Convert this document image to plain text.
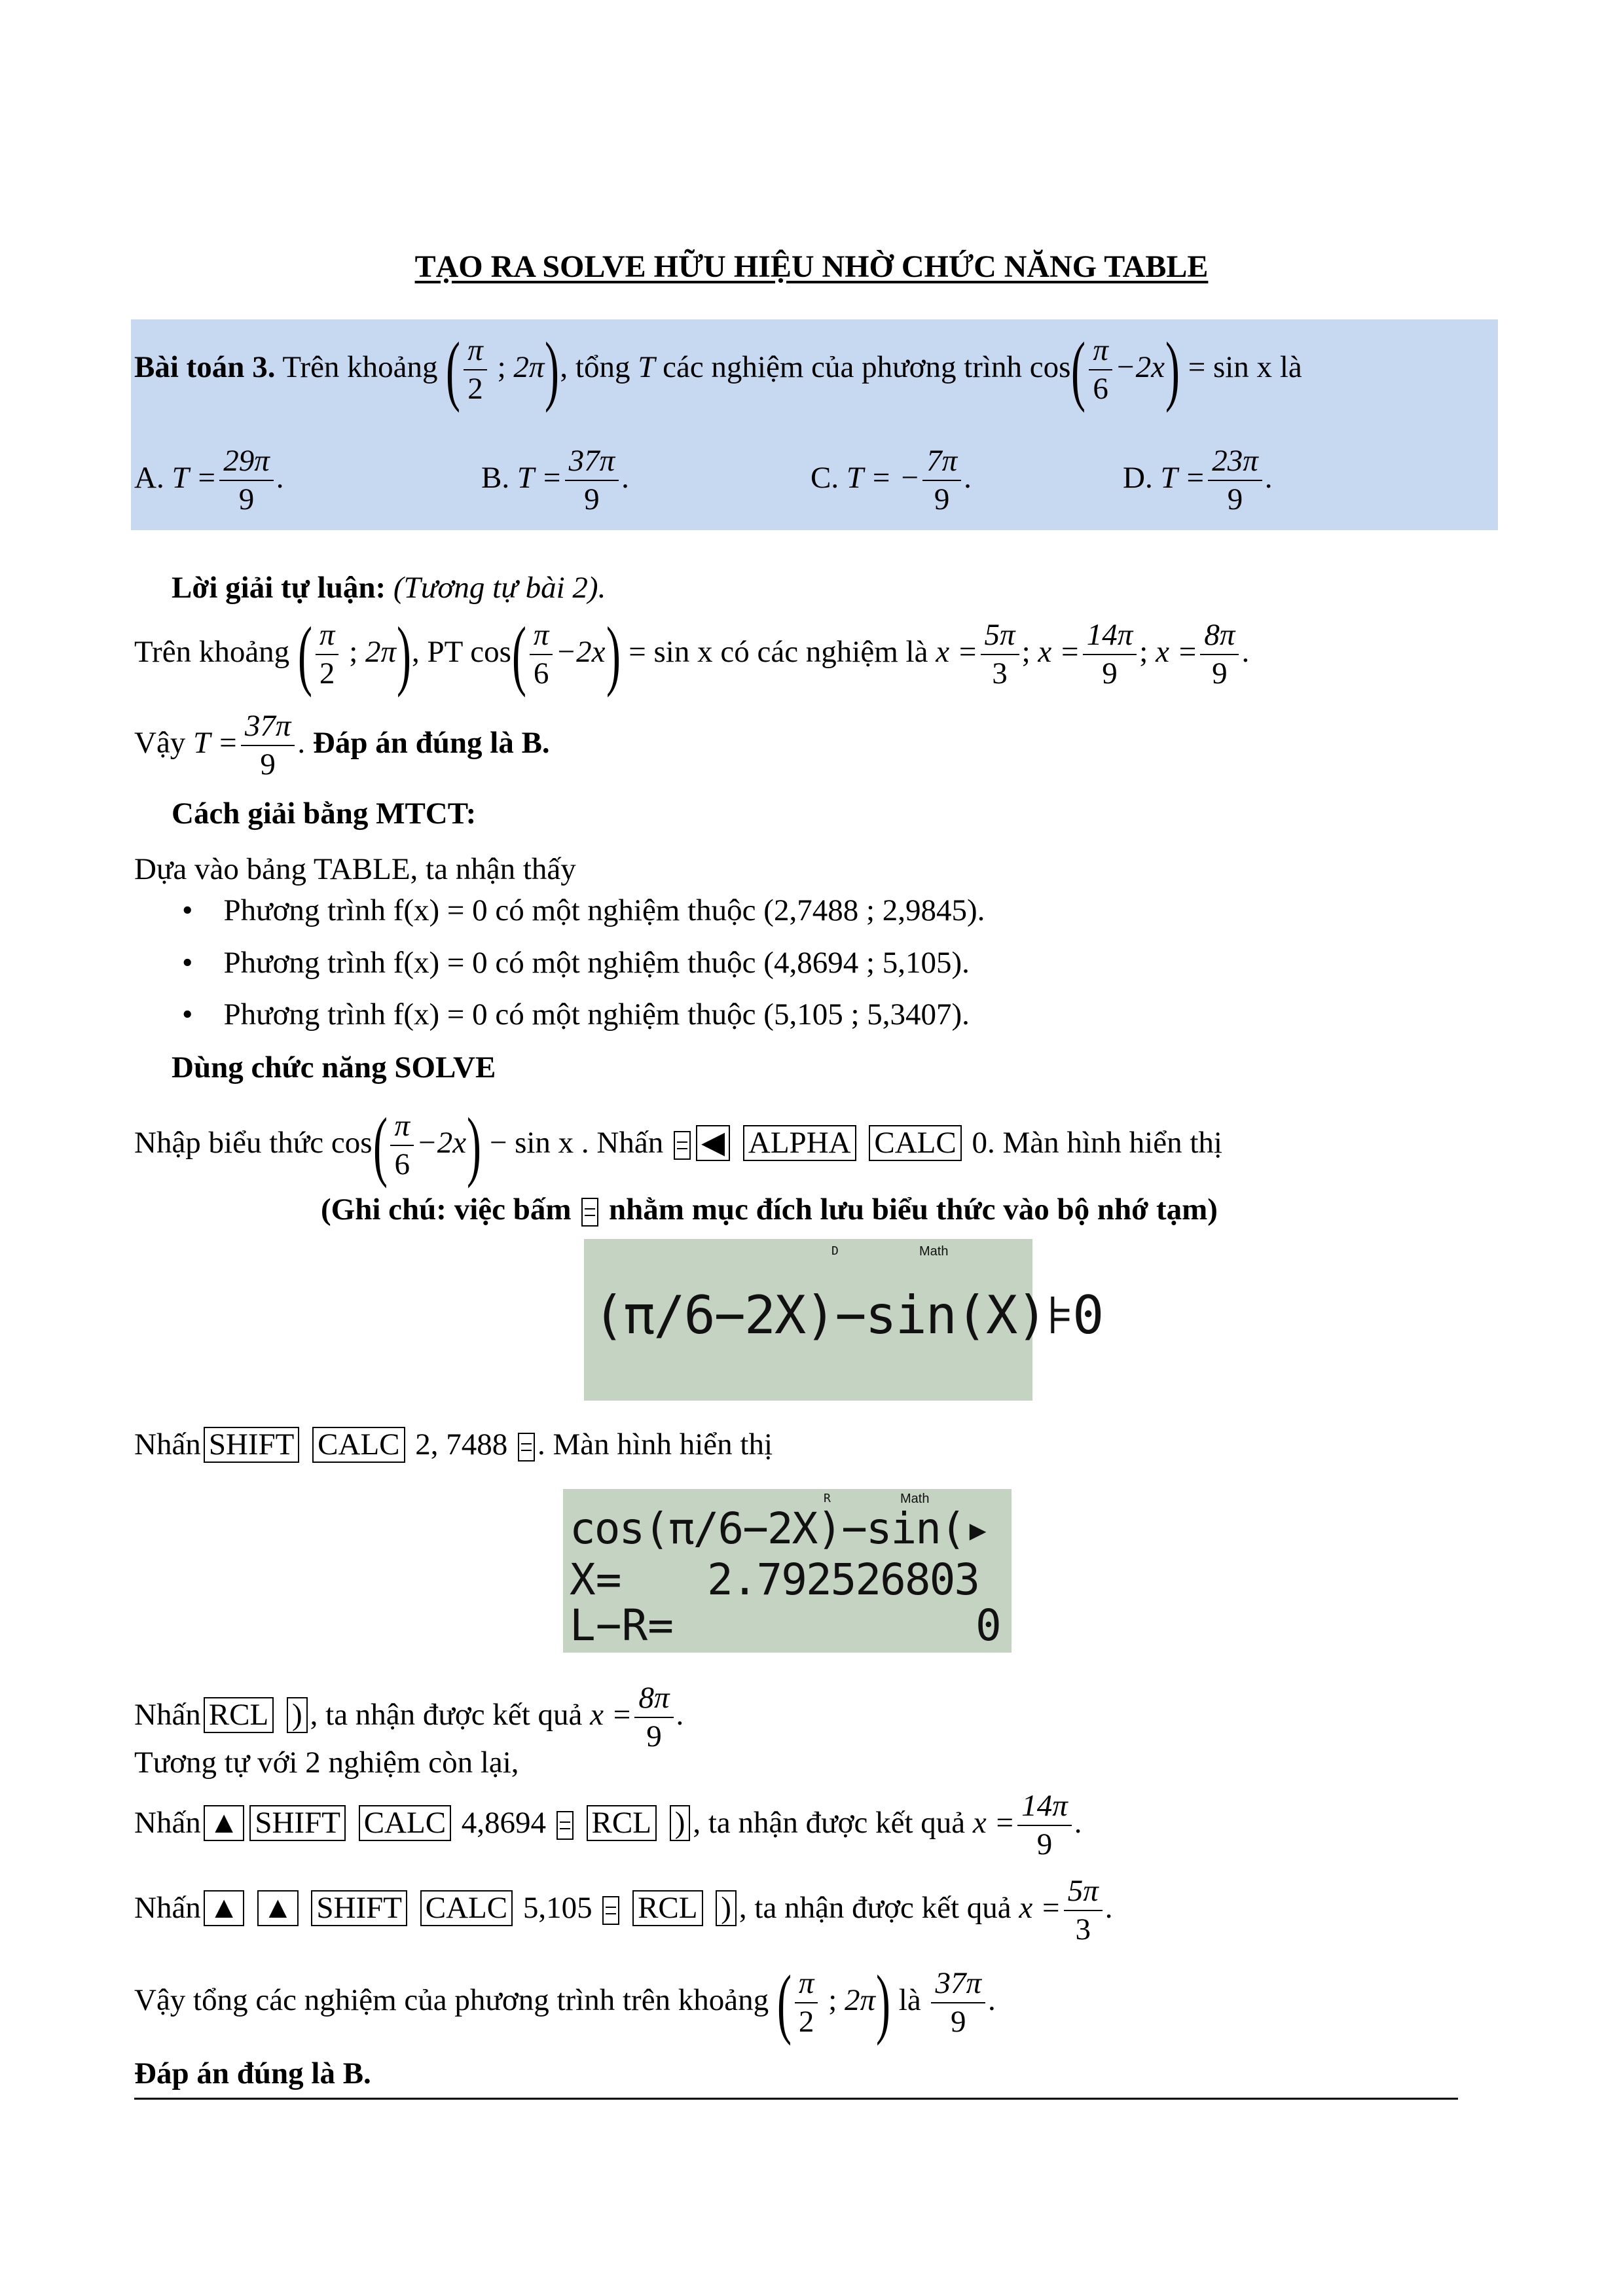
TẠO RA SOLVE HỮU HIỆU NHỜ CHỨC NĂNG TABLE
Bài toán 3. Trên khoảng ( $\frac{\pi}{2}$ ; 2π), tổng T các nghiệm của phương trình $\cos( \frac{\pi}{6} -2x) = \sin x$ là
A. $T = \frac{29\pi}{9}$ .	B. $T = \frac{37\pi}{9}$ .	C. T = − $\frac{7\pi}{9}$ .	D. $T = \frac{23\pi}{9}$ .
Lời giải tự luận: (Tương tự bài 2).
Trên khoảng ( $\frac{\pi}{2}$ ; 2π), PT $\cos( \frac{\pi}{6} -2x) = \sin x$ có các nghiệm là $x = \frac{5\pi}{3}$ ; $x = \frac{14\pi}{9}$ ; $x = \frac{8\pi}{9}$ .
Vậy $T = \frac{37\pi}{9}$ . Đáp án đúng là B.
Cách giải bằng MTCT:
Dựa vào bảng TABLE, ta nhận thấy
• Phương trình f(x) = 0 có một nghiệm thuộc (2,7488 ; 2,9845).
• Phương trình f(x) = 0 có một nghiệm thuộc (4,8694 ; 5,105).
• Phương trình f(x) = 0 có một nghiệm thuộc (5,105 ; 5,3407).
Dùng chức năng SOLVE
Nhập biểu thức $\cos( \frac{\pi}{6} -2x) - \sin x$ . Nhấn ◀ ALPHA CALC 0. Màn hình hiển thị
(Ghi chú: việc bấm nhằm mục đích lưu biểu thức vào bộ nhớ tạm)
D	Math
(π/6−2X)−sin(X)⊧0
Nhấn SHIFT CALC 2, 7488 . Màn hình hiển thị
R	Math
cos(π/6−2X)−sin(▸
X= 2.792526803
L−R=	0
Nhấn RCL ) , ta nhận được kết quả $x = \frac{8\pi}{9}$ .
Tương tự với 2 nghiệm còn lại,
Nhấn ▲ SHIFT CALC 4,8694 RCL ) , ta nhận được kết quả $x = \frac{14\pi}{9}$ .
Nhấn ▲ ▲ SHIFT CALC 5,105 RCL ) , ta nhận được kết quả $x = \frac{5\pi}{3}$ .
Vậy tổng các nghiệm của phương trình trên khoảng ( $\frac{\pi}{2}$ ; 2π) là $\frac{37\pi}{9}$ .
Đáp án đúng là B.
